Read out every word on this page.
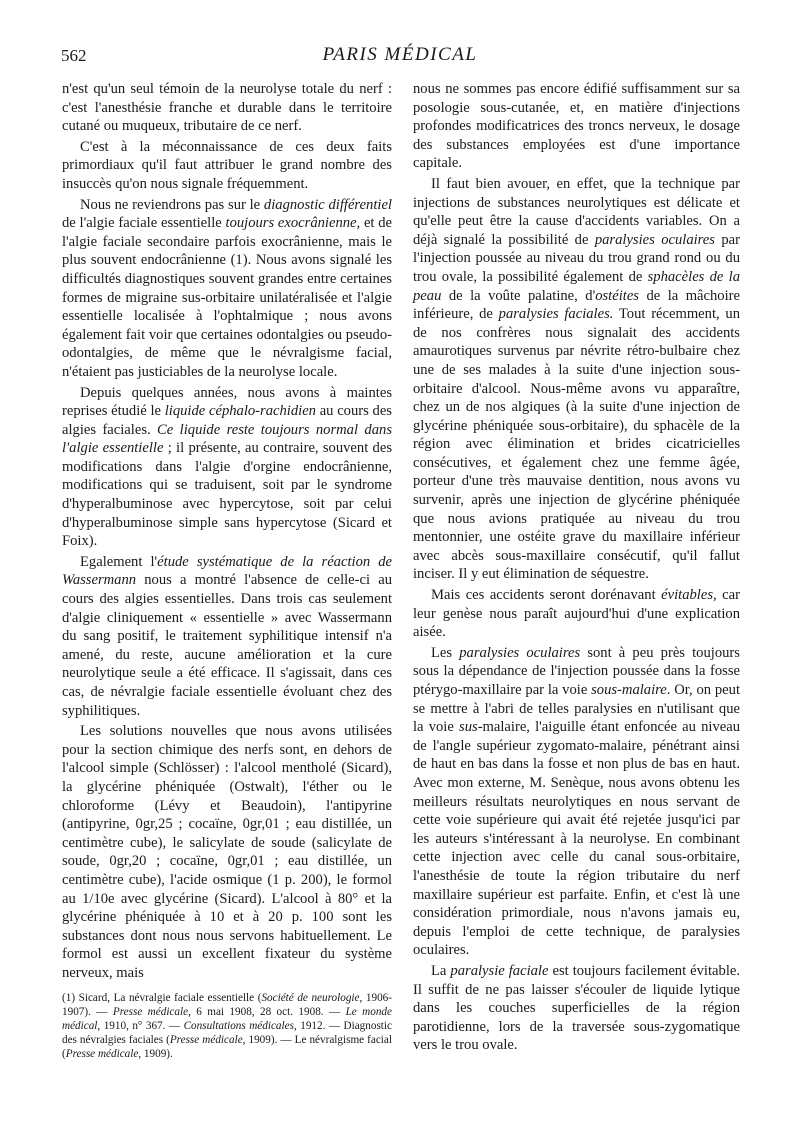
562	PARIS MÉDICAL

n'est qu'un seul témoin de la neurolyse totale du nerf : c'est l'anesthésie franche et durable dans le territoire cutané ou muqueux, tributaire de ce nerf.

C'est à la méconnaissance de ces deux faits primordiaux qu'il faut attribuer le grand nombre des insuccès qu'on nous signale fréquemment.

Nous ne reviendrons pas sur le diagnostic différentiel de l'algie faciale essentielle toujours exocrânienne, et de l'algie faciale secondaire parfois exocrânienne, mais le plus souvent endocrânienne (1). Nous avons signalé les difficultés diagnostiques souvent grandes entre certaines formes de migraine sus-orbitaire unilatéralisée et l'algie essentielle localisée à l'ophtalmique ; nous avons également fait voir que certaines odontalgies ou pseudo-odontalgies, de même que le névralgisme facial, n'étaient pas justiciables de la neurolyse locale.

Depuis quelques années, nous avons à maintes reprises étudié le liquide céphalo-rachidien au cours des algies faciales. Ce liquide reste toujours normal dans l'algie essentielle ; il présente, au contraire, souvent des modifications dans l'algie d'orgine endocrânienne, modifications qui se traduisent, soit par le syndrome d'hyperalbuminose avec hypercytose, soit par celui d'hyperalbuminose simple sans hypercytose (Sicard et Foix).

Egalement l'étude systématique de la réaction de Wassermann nous a montré l'absence de celle-ci au cours des algies essentielles. Dans trois cas seulement d'algie cliniquement « essentielle » avec Wassermann du sang positif, le traitement syphilitique intensif n'a amené, du reste, aucune amélioration et la cure neurolytique seule a été efficace. Il s'agissait, dans ces cas, de névralgie faciale essentielle évoluant chez des syphilitiques.

Les solutions nouvelles que nous avons utilisées pour la section chimique des nerfs sont, en dehors de l'alcool simple (Schlösser) : l'alcool mentholé (Sicard), la glycérine phéniquée (Ostwalt), l'éther ou le chloroforme (Lévy et Beaudoin), l'antipyrine (antipyrine, 0gr,25 ; cocaïne, 0gr,01 ; eau distillée, un centimètre cube), le salicylate de soude (salicylate de soude, 0gr,20 ; cocaïne, 0gr,01 ; eau distillée, un centimètre cube), l'acide osmique (1 p. 200), le formol au 1/10e avec glycérine (Sicard). L'alcool à 80° et la glycérine phéniquée à 10 et à 20 p. 100 sont les substances dont nous nous servons habituellement. Le formol est aussi un excellent fixateur du système nerveux, mais

(1) Sicard, La névralgie faciale essentielle (Société de neurologie, 1906-1907). — Presse médicale, 6 mai 1908, 28 oct. 1908. — Le monde médical, 1910, n° 367. — Consultations médicales, 1912. — Diagnostic des névralgies faciales (Presse médicale, 1909). — Le névralgisme facial (Presse médicale, 1909).

nous ne sommes pas encore édifié suffisamment sur sa posologie sous-cutanée, et, en matière d'injections profondes modificatrices des troncs nerveux, le dosage des substances employées est d'une importance capitale.

Il faut bien avouer, en effet, que la technique par injections de substances neurolytiques est délicate et qu'elle peut être la cause d'accidents variables. On a déjà signalé la possibilité de paralysies oculaires par l'injection poussée au niveau du trou grand rond ou du trou ovale, la possibilité également de sphacèles de la peau de la voûte palatine, d'ostéites de la mâchoire inférieure, de paralysies faciales. Tout récemment, un de nos confrères nous signalait des accidents amaurotiques survenus par névrite rétro-bulbaire chez une de ses malades à la suite d'une injection sous-orbitaire d'alcool. Nous-même avons vu apparaître, chez un de nos algiques (à la suite d'une injection de glycérine phéniquée sous-orbitaire), du sphacèle de la région avec élimination et brides cicatricielles consécutives, et également chez une femme âgée, porteur d'une très mauvaise dentition, nous avons vu survenir, après une injection de glycérine phéniquée que nous avions pratiquée au niveau du trou mentonnier, une ostéite grave du maxillaire inférieur avec abcès sous-maxillaire consécutif, qu'il fallut inciser. Il y eut élimination de séquestre.

Mais ces accidents seront dorénavant évitables, car leur genèse nous paraît aujourd'hui d'une explication aisée.

Les paralysies oculaires sont à peu près toujours sous la dépendance de l'injection poussée dans la fosse ptérygo-maxillaire par la voie sous-malaire. Or, on peut se mettre à l'abri de telles paralysies en n'utilisant que la voie sus-malaire, l'aiguille étant enfoncée au niveau de l'angle supérieur zygomato-malaire, pénétrant ainsi de haut en bas dans la fosse et non plus de bas en haut. Avec mon externe, M. Senèque, nous avons obtenu les meilleurs résultats neurolytiques en nous servant de cette voie supérieure qui avait été rejetée jusqu'ici par les auteurs s'intéressant à la neurolyse. En combinant cette injection avec celle du canal sous-orbitaire, l'anesthésie de toute la région tributaire du nerf maxillaire supérieur est parfaite. Enfin, et c'est là une considération primordiale, nous n'avons jamais eu, depuis l'emploi de cette technique, de paralysies oculaires.

La paralysie faciale est toujours facilement évitable. Il suffit de ne pas laisser s'écouler de liquide lytique dans les couches superficielles de la région parotidienne, lors de la traversée sous-zygomatique vers le trou ovale.
